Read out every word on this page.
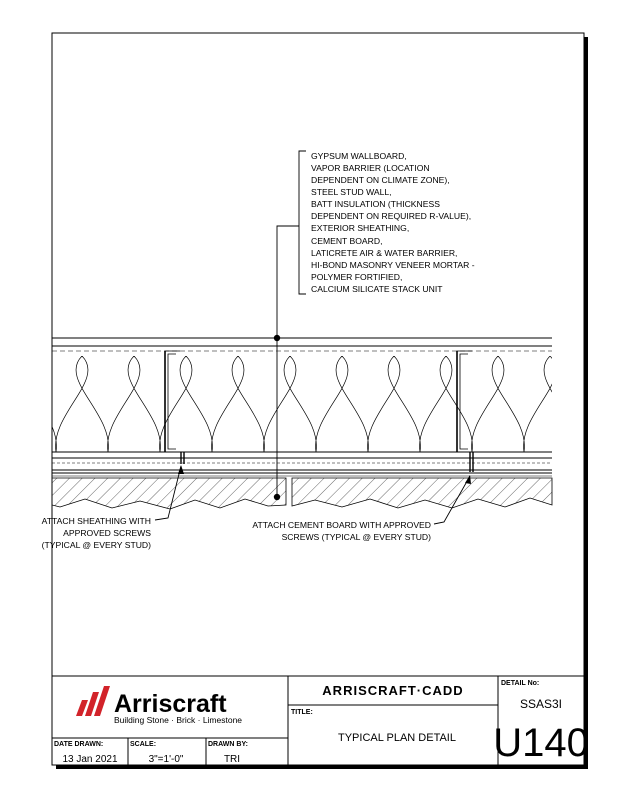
GYPSUM WALLBOARD,
VAPOR BARRIER (LOCATION
DEPENDENT ON CLIMATE ZONE),
STEEL STUD WALL,
BATT INSULATION (THICKNESS
DEPENDENT ON REQUIRED R-VALUE),
EXTERIOR SHEATHING,
CEMENT BOARD,
LATICRETE AIR & WATER BARRIER,
HI-BOND MASONRY VENEER MORTAR -
POLYMER FORTIFIED,
CALCIUM SILICATE STACK UNIT
ATTACH SHEATHING WITH
APPROVED SCREWS
(TYPICAL @ EVERY STUD)
ATTACH CEMENT BOARD WITH APPROVED
SCREWS (TYPICAL @ EVERY STUD)
Arriscraft
Building Stone · Brick · Limestone
ARRISCRAFT·CADD
TITLE:
TYPICAL PLAN DETAIL
DETAIL No:
SSAS3I
U140
DATE DRAWN:
13 Jan 2021
SCALE:
3"=1'-0"
DRAWN BY:
TRI
